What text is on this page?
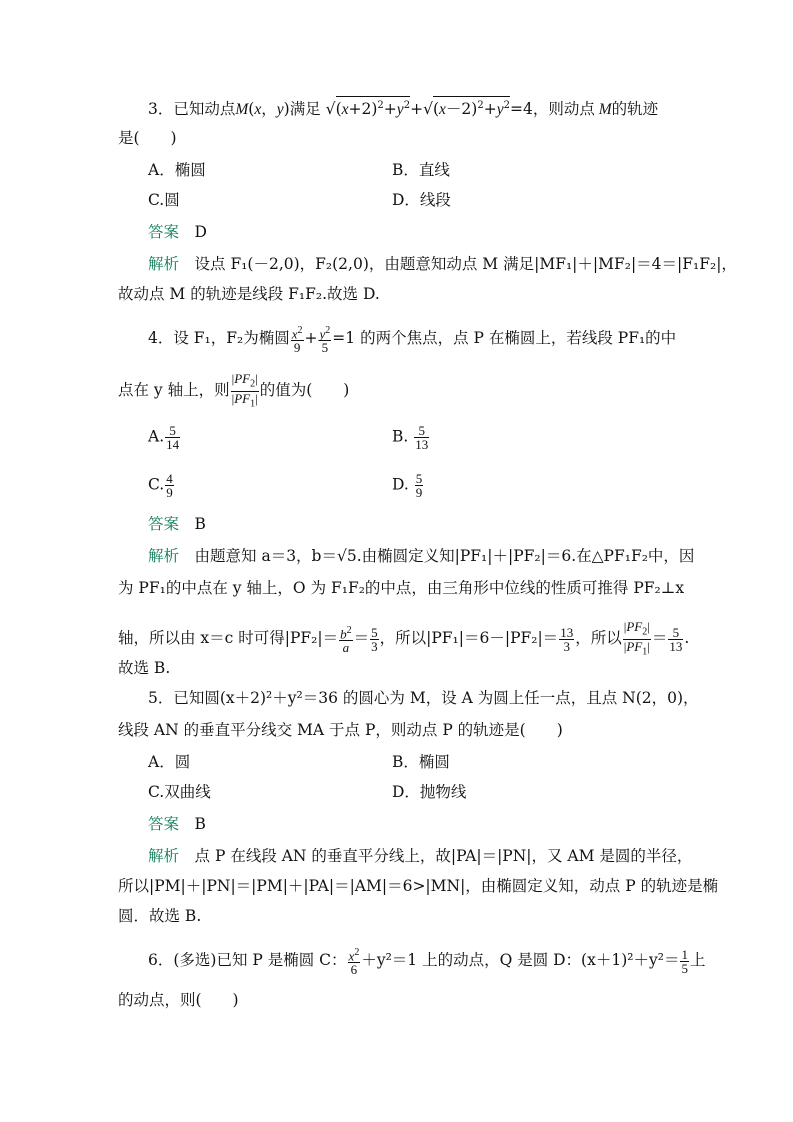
3．已知动点M(x，y)满足 $√(x+2)^2+y^2+√(x-2)^2+y^2=4$，则动点 M的轨迹
是(　　)
A．椭圆	B．直线
C.圆	D．线段
答案　 D
解析　 设点 F₁(－2,0)，F₂(2,0)，由题意知动点 M 满足|MF₁|＋|MF₂|＝4＝|F₁F₂|，
故动点 M 的轨迹是线段 F₁F₂.故选 D.
4．设 F₁，F₂为椭圆 $\frac{x^2}{9} + \frac{y^2}{5} =1$ 的两个焦点，点 P 在椭圆上，若线段 PF₁的中
点在 y 轴上，则 $\frac{|PF_2|}{|PF_1|}$ 的值为(　　)
A. $\frac{5}{14}$	B. $\frac{5}{13}$
C. $\frac{4}{9}$	D. $\frac{5}{9}$
答案　 B
解析　 由题意知 a＝3，b＝√5.由椭圆定义知|PF₁|＋|PF₂|＝6.在△PF₁F₂中，因
为 PF₁的中点在 y 轴上，O 为 F₁F₂的中点，由三角形中位线的性质可推得 PF₂⊥x
轴，所以由 x＝c 时可得$|PF_2|= \frac{b^2}{a} = \frac{5}{3}$ ，所以$|PF_1|=6-|PF_2|= \frac{13}{3}$ ，所以 $\frac{|PF_2|}{|PF_1|} = \frac{5}{13}$ .
故选 B.
5．已知圆(x＋2)²＋y²＝36 的圆心为 M，设 A 为圆上任一点，且点 N(2，0)，
线段 AN 的垂直平分线交 MA 于点 P，则动点 P 的轨迹是(　　)
A．圆	B．椭圆
C.双曲线	D．抛物线
答案　 B
解析　 点 P 在线段 AN 的垂直平分线上，故|PA|＝|PN|，又 AM 是圆的半径，
所以|PM|＋|PN|＝|PM|＋|PA|＝|AM|＝6>|MN|，由椭圆定义知，动点 P 的轨迹是椭
圆．故选 B.
6．(多选)已知 P 是椭圆 C： $\frac{x^2}{6} +y^2=1$ 上的动点，Q 是圆 D：$(x+1)^2+y^2= \frac{1}{5}$ 上
的动点，则(　　)
